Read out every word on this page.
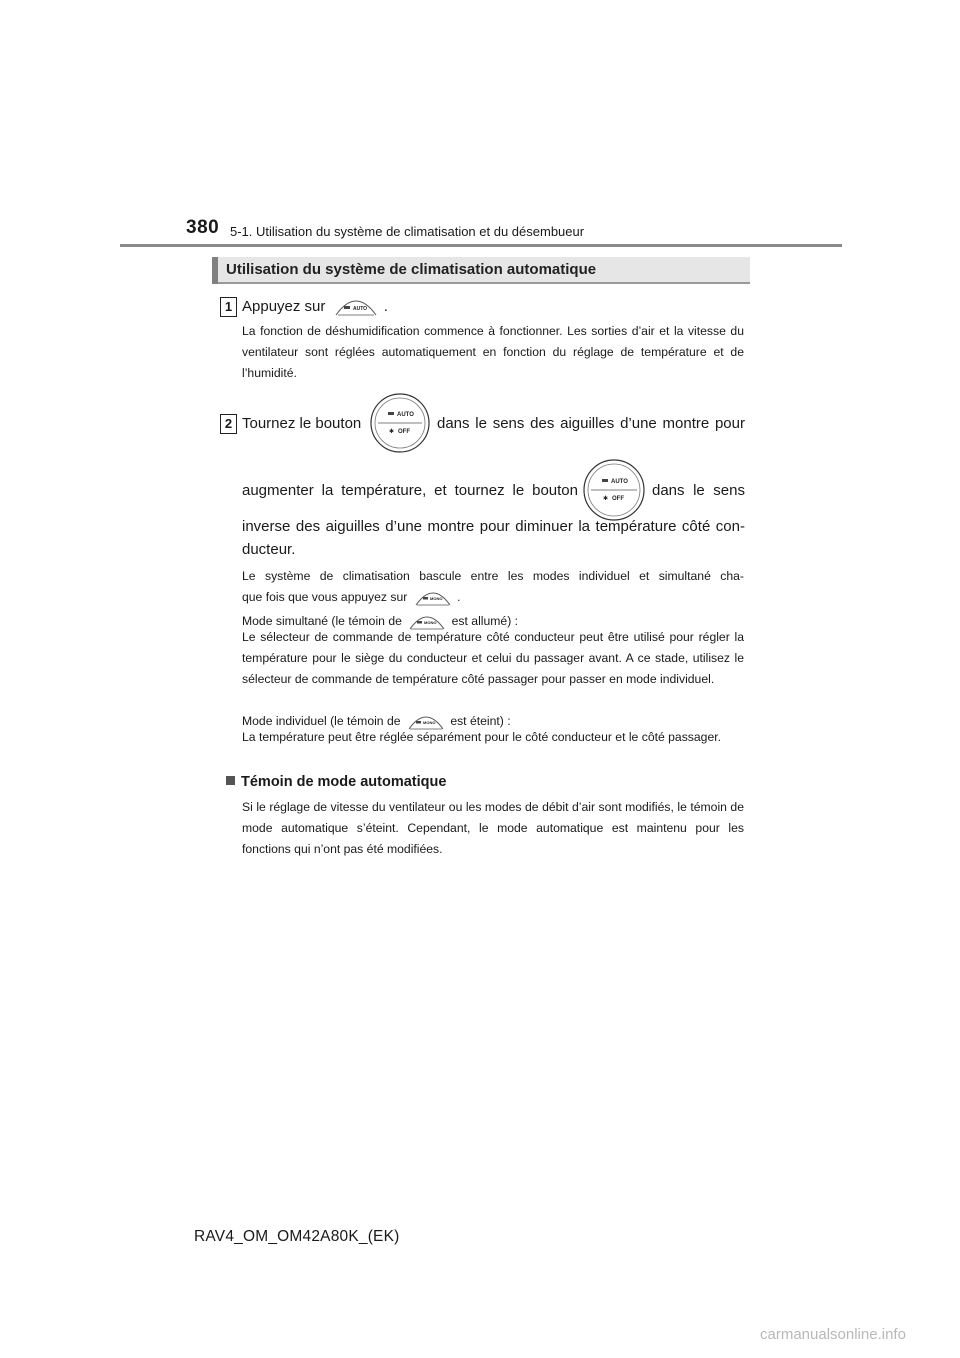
380 5-1. Utilisation du système de climatisation et du désembueur
Utilisation du système de climatisation automatique
1 Appuyez sur	AUTO .
La fonction de déshumidification commence à fonctionner. Les sorties d’air et la vitesse du ventilateur sont réglées automatiquement en fonction du réglage de température et de l’humidité.
2 Tournez le bouton	AUTO
✱ OFF dans le sens des aiguilles d’une montre pour
augmenter la température, et tournez le bouton	AUTO
✱ OFF dans le sens
inverse des aiguilles d’une montre pour diminuer la température côté con-
ducteur.
Le système de climatisation bascule entre les modes individuel et simultané cha-
que fois que vous appuyez sur	MONO .
Mode simultané (le témoin de	MONO est allumé) :
Le sélecteur de commande de température côté conducteur peut être utilisé pour régler la température pour le siège du conducteur et celui du passager avant. A ce stade, utilisez le sélecteur de commande de température côté passager pour passer en mode individuel.
Mode individuel (le témoin de	MONO est éteint) :
La température peut être réglée séparément pour le côté conducteur et le côté passager.
Témoin de mode automatique
Si le réglage de vitesse du ventilateur ou les modes de débit d’air sont modifiés, le témoin de mode automatique s’éteint. Cependant, le mode automatique est maintenu pour les fonctions qui n’ont pas été modifiées.
RAV4_OM_OM42A80K_(EK)
carmanualsonline.info
